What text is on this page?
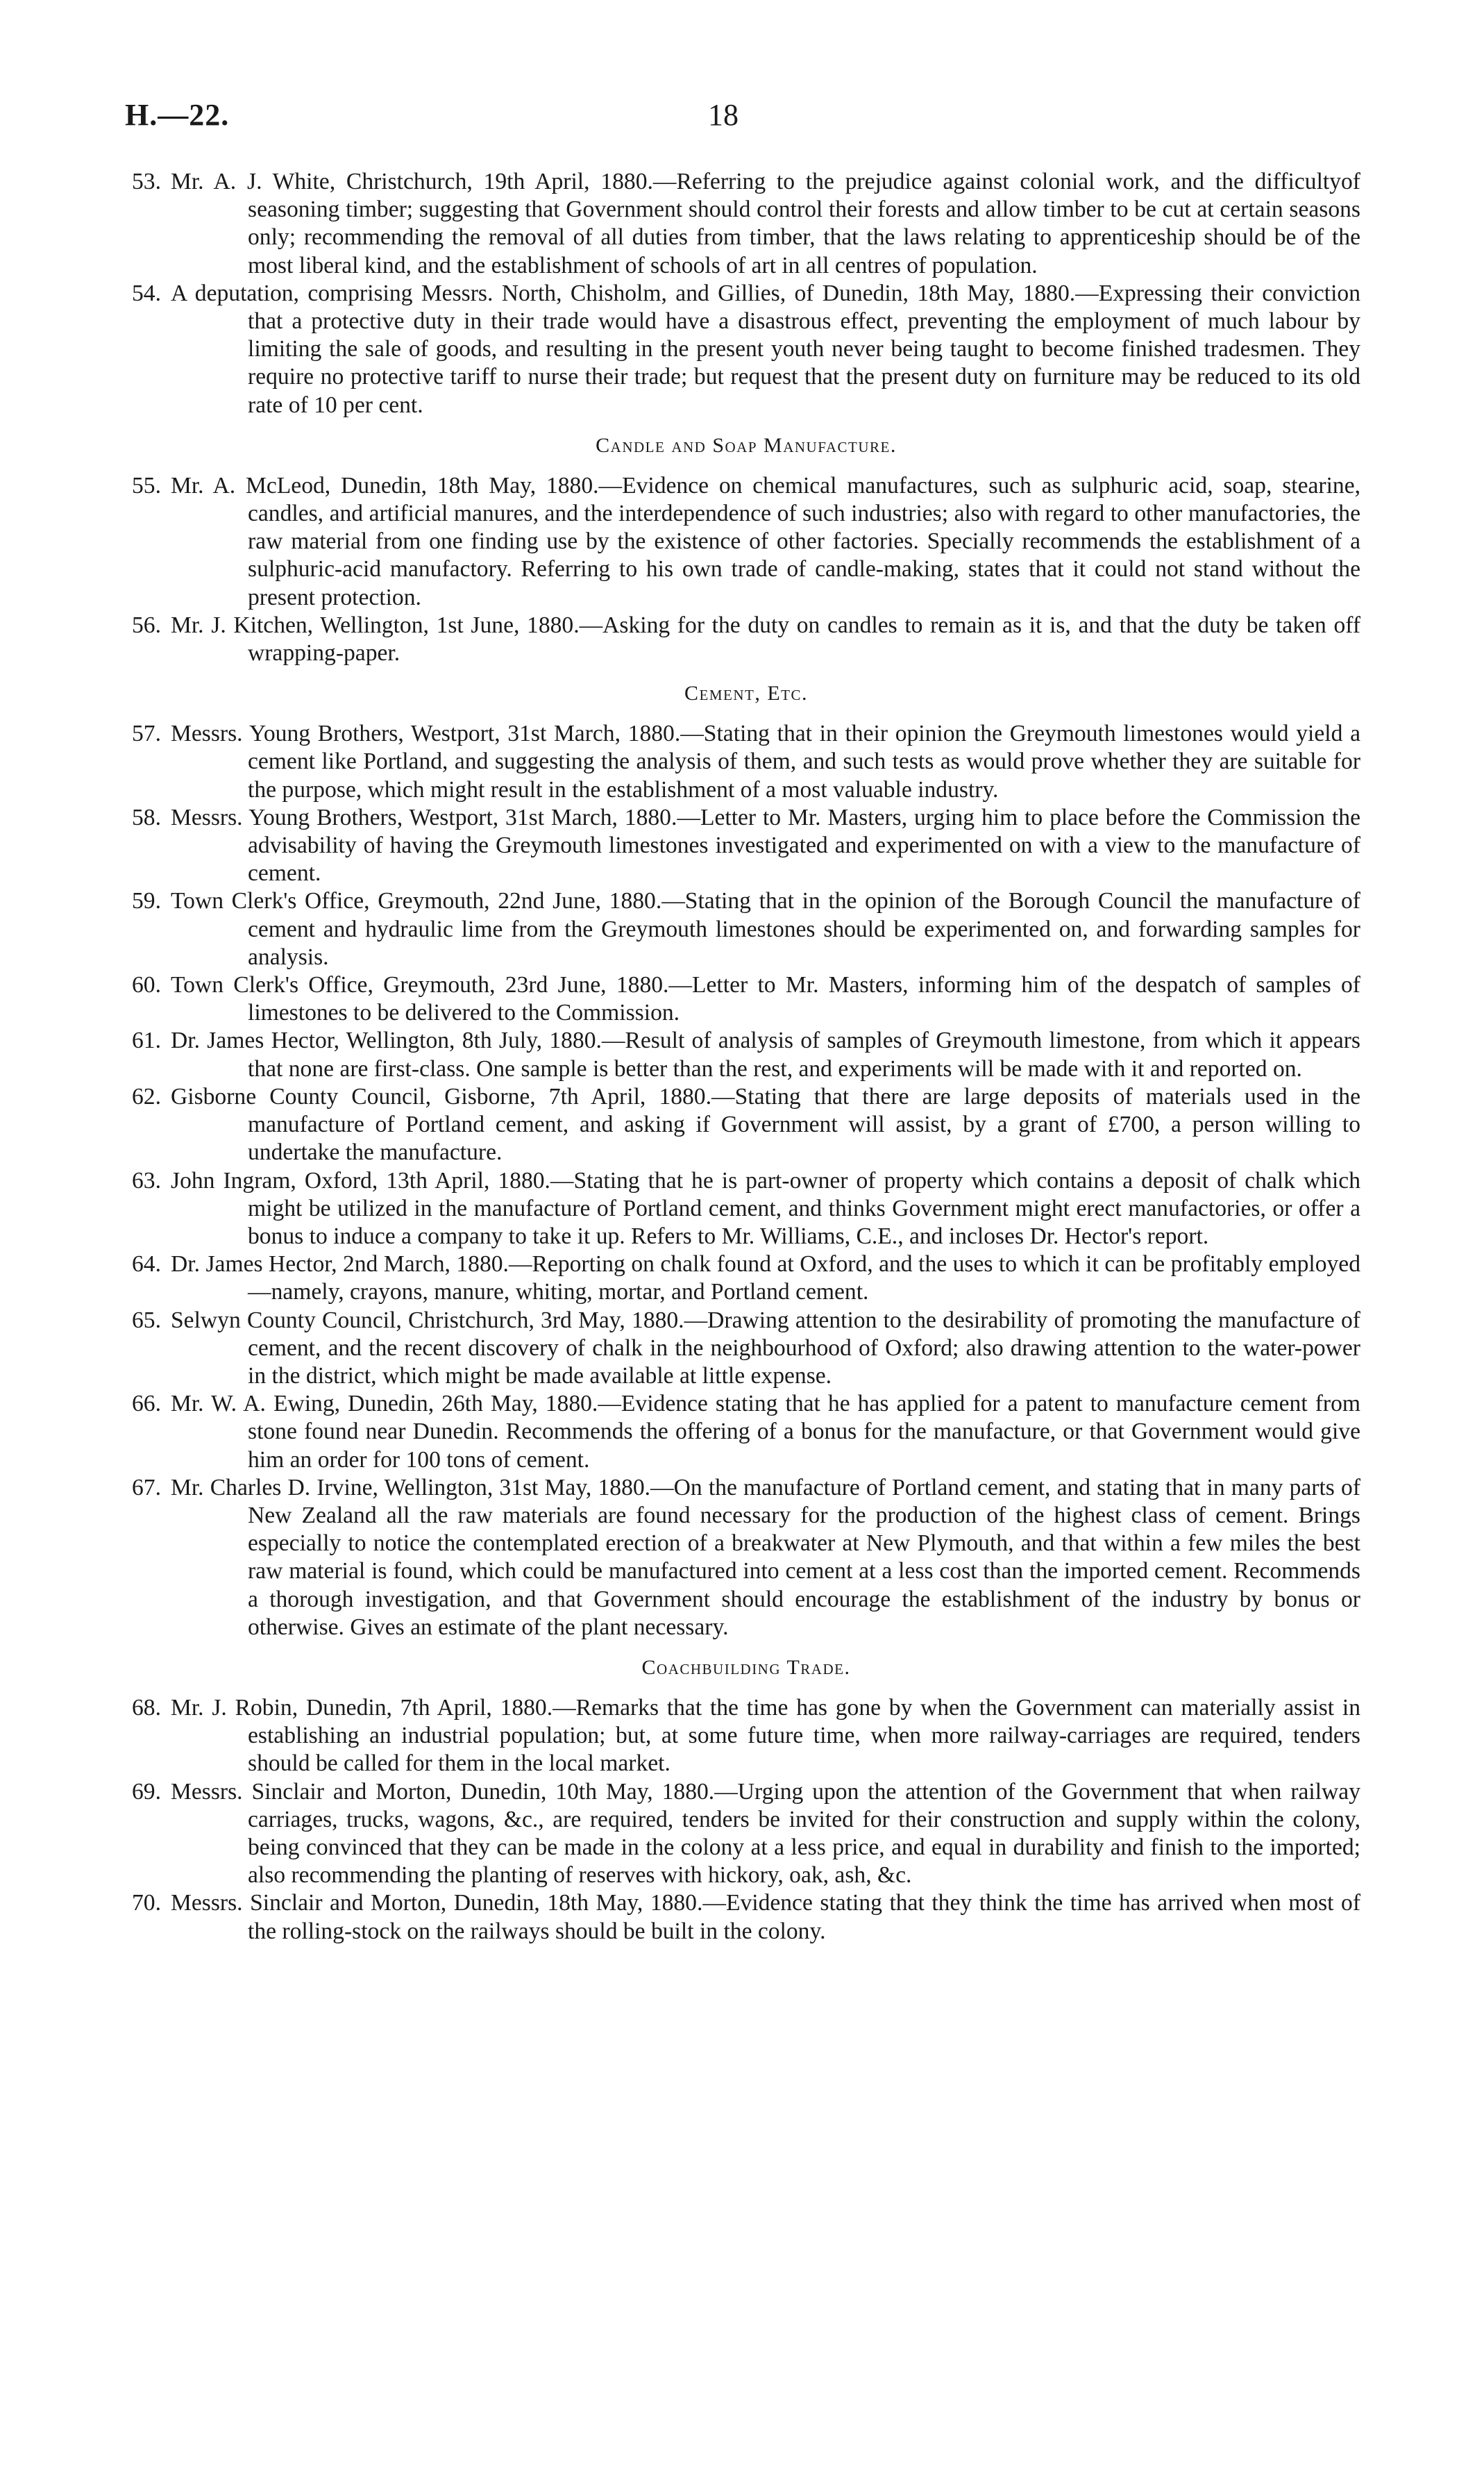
H.—22.	18

53. Mr. A. J. White, Christchurch, 19th April, 1880.—Referring to the prejudice against colonial work, and the difficultyof seasoning timber; suggesting that Government should control their forests and allow timber to be cut at certain seasons only; recommending the removal of all duties from timber, that the laws relating to apprenticeship should be of the most liberal kind, and the establishment of schools of art in all centres of population.

54. A deputation, comprising Messrs. North, Chisholm, and Gillies, of Dunedin, 18th May, 1880.—Expressing their conviction that a protective duty in their trade would have a disastrous effect, preventing the employment of much labour by limiting the sale of goods, and resulting in the present youth never being taught to become finished tradesmen. They require no protective tariff to nurse their trade; but request that the present duty on furniture may be reduced to its old rate of 10 per cent.

Candle and Soap Manufacture.

55. Mr. A. McLeod, Dunedin, 18th May, 1880.—Evidence on chemical manufactures, such as sulphuric acid, soap, stearine, candles, and artificial manures, and the interdependence of such industries; also with regard to other manufactories, the raw material from one finding use by the existence of other factories. Specially recommends the establishment of a sulphuric-acid manufactory. Referring to his own trade of candle-making, states that it could not stand without the present protection.

56. Mr. J. Kitchen, Wellington, 1st June, 1880.—Asking for the duty on candles to remain as it is, and that the duty be taken off wrapping-paper.

Cement, Etc.

57. Messrs. Young Brothers, Westport, 31st March, 1880.—Stating that in their opinion the Greymouth limestones would yield a cement like Portland, and suggesting the analysis of them, and such tests as would prove whether they are suitable for the purpose, which might result in the establishment of a most valuable industry.

58. Messrs. Young Brothers, Westport, 31st March, 1880.—Letter to Mr. Masters, urging him to place before the Commission the advisability of having the Greymouth limestones investigated and experimented on with a view to the manufacture of cement.

59. Town Clerk's Office, Greymouth, 22nd June, 1880.—Stating that in the opinion of the Borough Council the manufacture of cement and hydraulic lime from the Greymouth limestones should be experimented on, and forwarding samples for analysis.

60. Town Clerk's Office, Greymouth, 23rd June, 1880.—Letter to Mr. Masters, informing him of the despatch of samples of limestones to be delivered to the Commission.

61. Dr. James Hector, Wellington, 8th July, 1880.—Result of analysis of samples of Greymouth limestone, from which it appears that none are first-class. One sample is better than the rest, and experiments will be made with it and reported on.

62. Gisborne County Council, Gisborne, 7th April, 1880.—Stating that there are large deposits of materials used in the manufacture of Portland cement, and asking if Government will assist, by a grant of £700, a person willing to undertake the manufacture.

63. John Ingram, Oxford, 13th April, 1880.—Stating that he is part-owner of property which contains a deposit of chalk which might be utilized in the manufacture of Portland cement, and thinks Government might erect manufactories, or offer a bonus to induce a company to take it up. Refers to Mr. Williams, C.E., and incloses Dr. Hector's report.

64. Dr. James Hector, 2nd March, 1880.—Reporting on chalk found at Oxford, and the uses to which it can be profitably employed—namely, crayons, manure, whiting, mortar, and Portland cement.

65. Selwyn County Council, Christchurch, 3rd May, 1880.—Drawing attention to the desirability of promoting the manufacture of cement, and the recent discovery of chalk in the neighbourhood of Oxford; also drawing attention to the water-power in the district, which might be made available at little expense.

66. Mr. W. A. Ewing, Dunedin, 26th May, 1880.—Evidence stating that he has applied for a patent to manufacture cement from stone found near Dunedin. Recommends the offering of a bonus for the manufacture, or that Government would give him an order for 100 tons of cement.

67. Mr. Charles D. Irvine, Wellington, 31st May, 1880.—On the manufacture of Portland cement, and stating that in many parts of New Zealand all the raw materials are found necessary for the production of the highest class of cement. Brings especially to notice the contemplated erection of a breakwater at New Plymouth, and that within a few miles the best raw material is found, which could be manufactured into cement at a less cost than the imported cement. Recommends a thorough investigation, and that Government should encourage the establishment of the industry by bonus or otherwise. Gives an estimate of the plant necessary.

Coachbuilding Trade.

68. Mr. J. Robin, Dunedin, 7th April, 1880.—Remarks that the time has gone by when the Government can materially assist in establishing an industrial population; but, at some future time, when more railway-carriages are required, tenders should be called for them in the local market.

69. Messrs. Sinclair and Morton, Dunedin, 10th May, 1880.—Urging upon the attention of the Government that when railway carriages, trucks, wagons, &c., are required, tenders be invited for their construction and supply within the colony, being convinced that they can be made in the colony at a less price, and equal in durability and finish to the imported; also recommending the planting of reserves with hickory, oak, ash, &c.

70. Messrs. Sinclair and Morton, Dunedin, 18th May, 1880.—Evidence stating that they think the time has arrived when most of the rolling-stock on the railways should be built in the colony.
